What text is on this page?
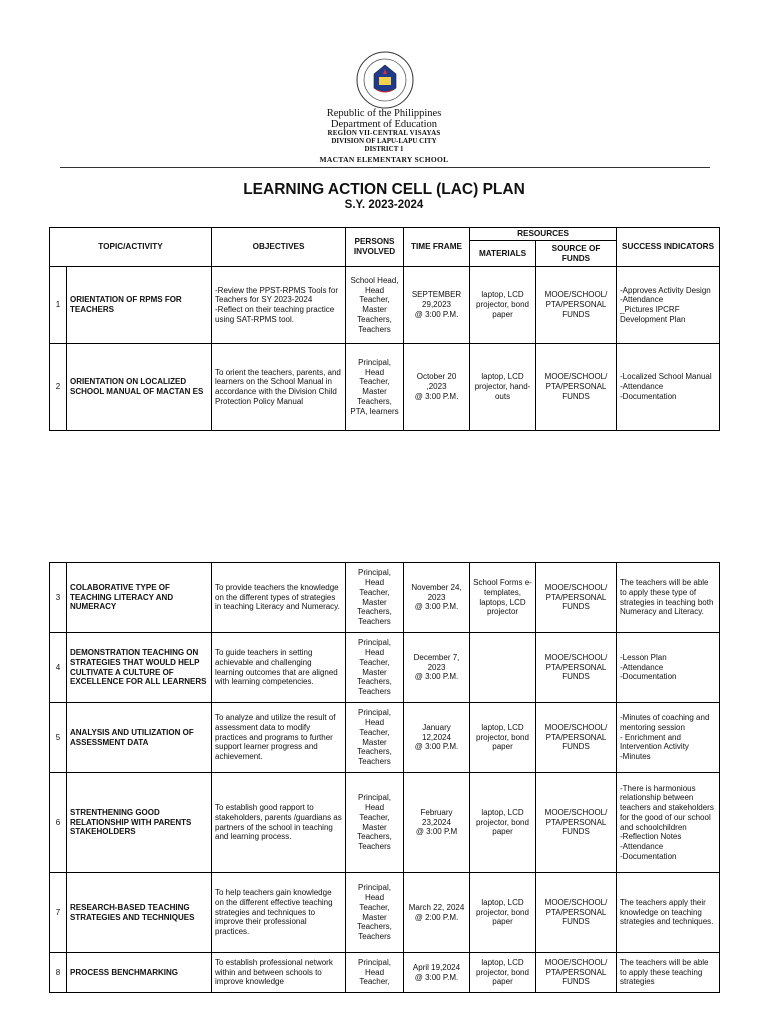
Republic of the Philippines
Department of Education
REGION VII-CENTRAL VISAYAS
DIVISION OF LAPU-LAPU CITY
DISTRICT 1
MACTAN ELEMENTARY SCHOOL
LEARNING ACTION CELL (LAC) PLAN
S.Y. 2023-2024
TOPIC/ACTIVITY		OBJECTIVES	PERSONS INVOLVED	TIME FRAME	RESOURCES		SUCCESS INDICATORS
					MATERIALS	SOURCE OF FUNDS	
1	ORIENTATION OF RPMS FOR TEACHERS	-Review the PPST-RPMS Tools for Teachers for SY 2023-2024
-Reflect on their teaching practice using SAT-RPMS tool.	School Head, Head Teacher, Master Teachers, Teachers	SEPTEMBER 29,2023
@ 3:00 P.M.	laptop, LCD projector, bond paper	MOOE/SCHOOL/ PTA/PERSONAL FUNDS	-Approves Activity Design
-Attendance
_Pictures IPCRF Development Plan
2	ORIENTATION ON LOCALIZED SCHOOL MANUAL OF MACTAN ES	To orient the teachers, parents, and learners on the School Manual in accordance with the Division Child Protection Policy Manual	Principal, Head Teacher, Master Teachers, PTA, learners	October 20 ,2023
@ 3:00 P.M.	laptop, LCD projector, hand-outs	MOOE/SCHOOL/ PTA/PERSONAL FUNDS	-Localized School Manual
-Attendance
-Documentation
3	COLABORATIVE TYPE OF TEACHING LITERACY AND NUMERACY	To provide teachers the knowledge on the different types of strategies in teaching Literacy and Numeracy.	Principal, Head Teacher, Master Teachers, Teachers	November 24, 2023
@ 3:00 P.M.	School Forms e-templates, laptops, LCD projector	MOOE/SCHOOL/ PTA/PERSONAL FUNDS	The teachers will be able to apply these type of strategies in teaching both Numeracy and Literacy.
4	DEMONSTRATION TEACHING ON STRATEGIES THAT WOULD HELP CULTIVATE A CULTURE OF EXCELLENCE FOR ALL LEARNERS	To guide teachers in setting achievable and challenging learning outcomes that are aligned with learning competencies.	Principal, Head Teacher, Master Teachers, Teachers	December 7, 2023
@ 3:00 P.M.		MOOE/SCHOOL/ PTA/PERSONAL FUNDS	-Lesson Plan
-Attendance
-Documentation
5	ANALYSIS AND UTILIZATION OF ASSESSMENT DATA	To analyze and utilize the result of assessment data to modify practices and programs to further support learner progress and achievement.	Principal, Head Teacher, Master Teachers, Teachers	January 12,2024
@ 3:00 P.M.	laptop, LCD projector, bond paper	MOOE/SCHOOL/ PTA/PERSONAL FUNDS	-Minutes of coaching and mentoring session
- Enrichment and Intervention Activity
-Minutes
6	STRENTHENING GOOD RELATIONSHIP WITH PARENTS STAKEHOLDERS	To establish good rapport to stakeholders, parents /guardians as partners of the school in teaching and learning process.	Principal, Head Teacher, Master Teachers, Teachers	February 23,2024
@ 3:00 P.M	laptop, LCD projector, bond paper	MOOE/SCHOOL/ PTA/PERSONAL FUNDS	-There is harmonious relationship between teachers and stakeholders for the good of our school and schoolchildren
-Reflection Notes
-Attendance
-Documentation
7	RESEARCH-BASED TEACHING STRATEGIES AND TECHNIQUES	To help teachers gain knowledge on the different effective teaching strategies and techniques to improve their professional practices.	Principal, Head Teacher, Master Teachers, Teachers	March 22, 2024
@ 2:00 P.M.	laptop, LCD projector, bond paper	MOOE/SCHOOL/ PTA/PERSONAL FUNDS	The teachers apply their knowledge on teaching strategies and techniques.
8	PROCESS BENCHMARKING	To establish professional network within and between schools to improve knowledge	Principal, Head Teacher,	April 19,2024
@ 3:00 P.M.	laptop, LCD projector, bond paper	MOOE/SCHOOL/ PTA/PERSONAL FUNDS	The teachers will be able to apply these teaching strategies
